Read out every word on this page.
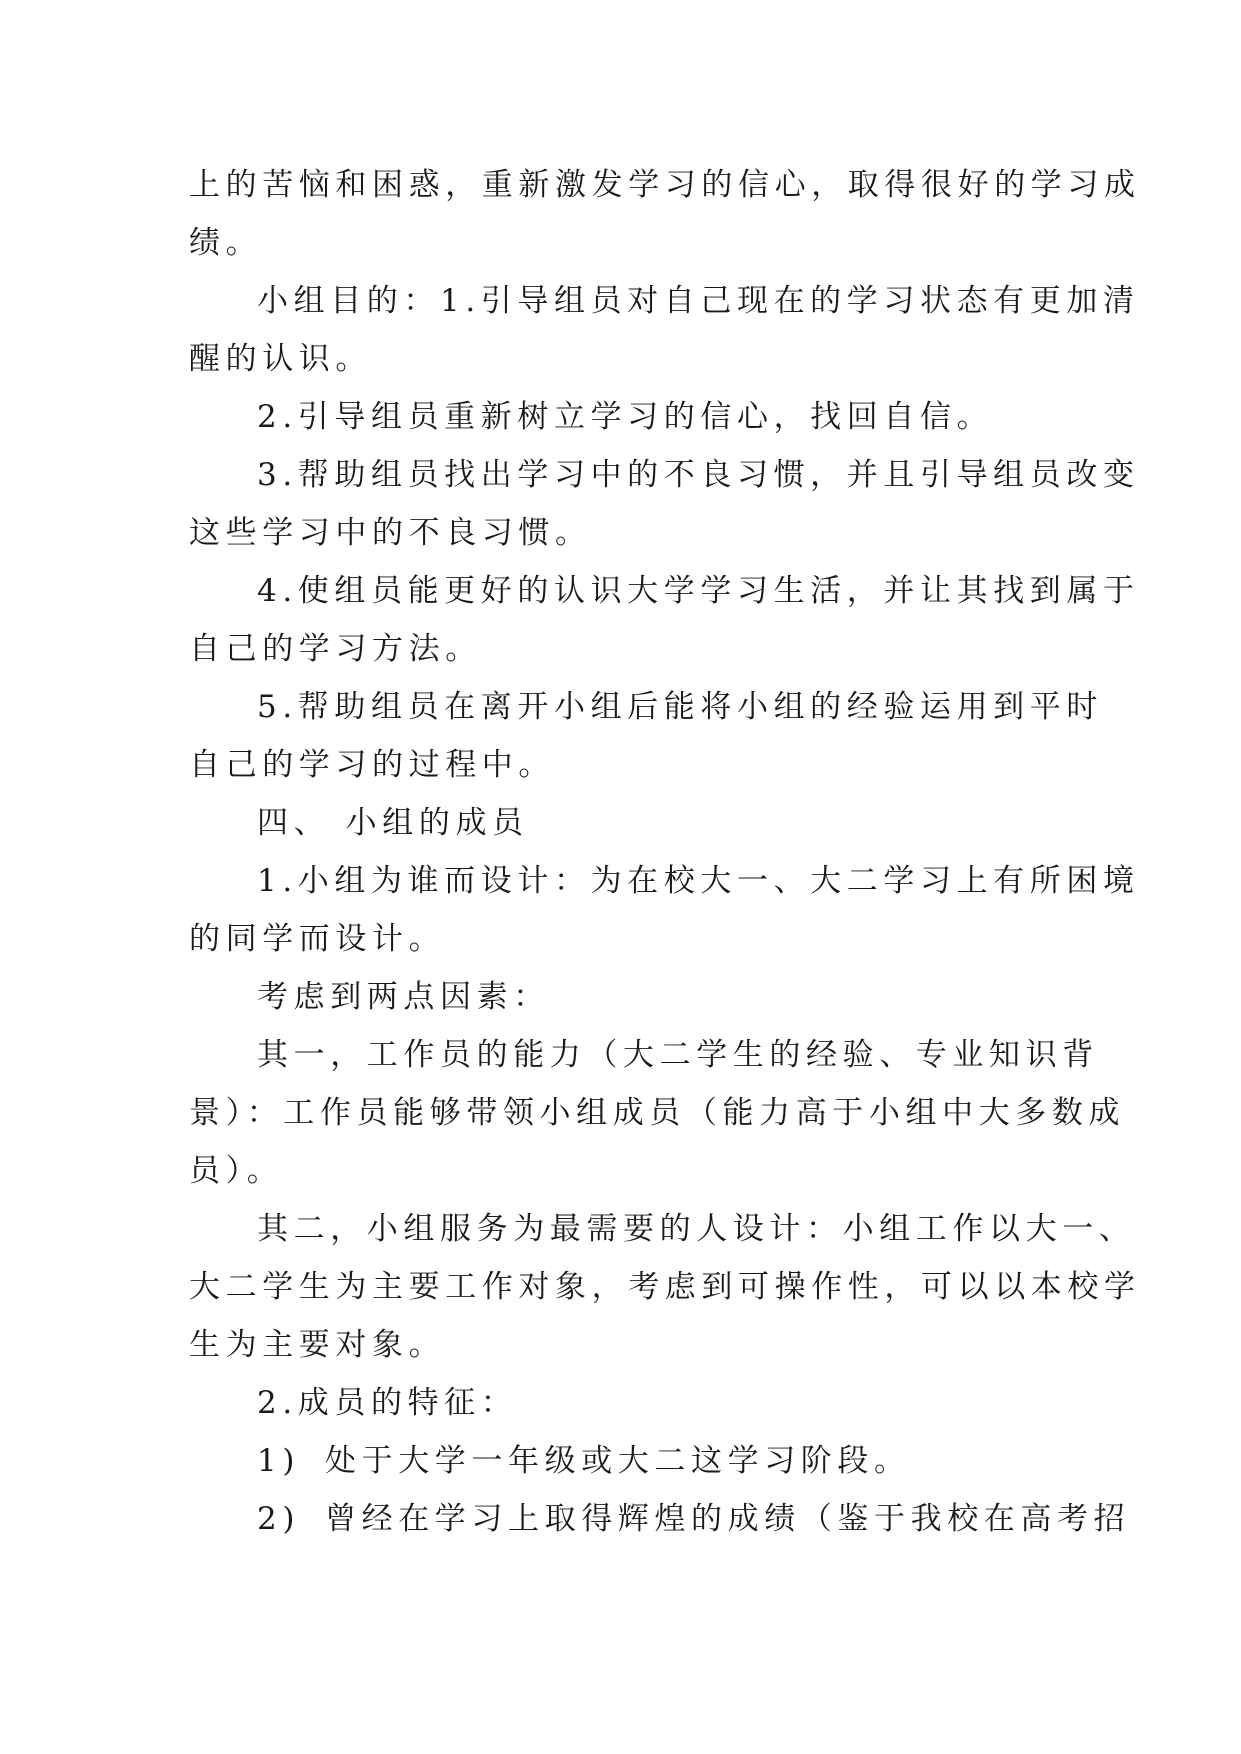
上的苦恼和困惑，重新激发学习的信心，取得很好的学习成

绩。

小组目的：1.引导组员对自己现在的学习状态有更加清

醒的认识。

2.引导组员重新树立学习的信心，找回自信。

3.帮助组员找出学习中的不良习惯，并且引导组员改变

这些学习中的不良习惯。

4.使组员能更好的认识大学学习生活，并让其找到属于

自己的学习方法。

5.帮助组员在离开小组后能将小组的经验运用到平时

自己的学习的过程中。

四、 小组的成员

1.小组为谁而设计：为在校大一、大二学习上有所困境

的同学而设计。

考虑到两点因素：

其一，工作员的能力（大二学生的经验、专业知识背

景）：工作员能够带领小组成员（能力高于小组中大多数成

员）。

其二，小组服务为最需要的人设计：小组工作以大一、

大二学生为主要工作对象，考虑到可操作性，可以以本校学

生为主要对象。

2.成员的特征：

1) 处于大学一年级或大二这学习阶段。

2) 曾经在学习上取得辉煌的成绩（鉴于我校在高考招
